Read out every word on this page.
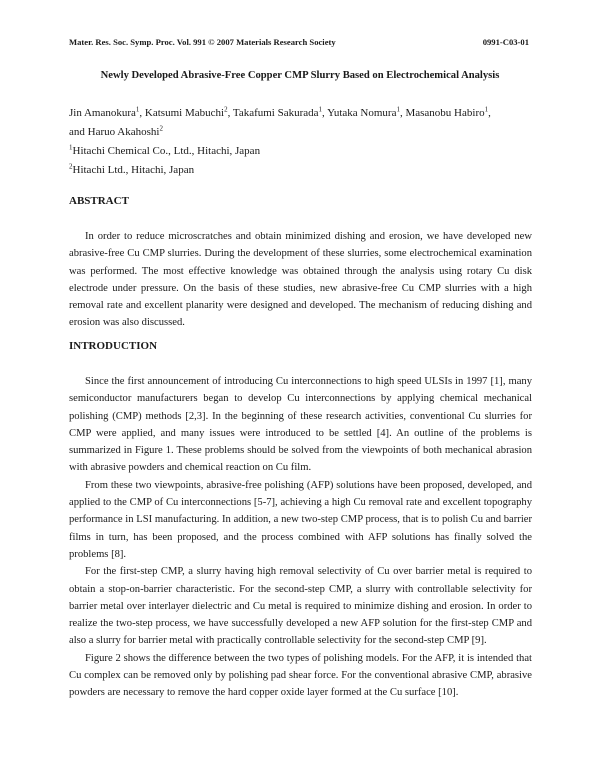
Mater. Res. Soc. Symp. Proc. Vol. 991 © 2007 Materials Research Society	0991-C03-01
Newly Developed Abrasive-Free Copper CMP Slurry Based on Electrochemical Analysis

Jin Amanokura$^1$, Katsumi Mabuchi$^2$, Takafumi Sakurada$^1$, Yutaka Nomura$^1$, Masanobu Habiro$^1$,

and Haruo Akahoshi$^2$

$^1$Hitachi Chemical Co., Ltd., Hitachi, Japan

$^2$Hitachi Ltd., Hitachi, Japan

ABSTRACT

In order to reduce microscratches and obtain minimized dishing and erosion, we have developed new abrasive-free Cu CMP slurries. During the development of these slurries, some electrochemical examination was performed. The most effective knowledge was obtained through the analysis using rotary Cu disk electrode under pressure. On the basis of these studies, new abrasive-free Cu CMP slurries with a high removal rate and excellent planarity were designed and developed. The mechanism of reducing dishing and erosion was also discussed.

INTRODUCTION

Since the first announcement of introducing Cu interconnections to high speed ULSIs in 1997 [1], many semiconductor manufacturers began to develop Cu interconnections by applying chemical mechanical polishing (CMP) methods [2,3]. In the beginning of these research activities, conventional Cu slurries for CMP were applied, and many issues were introduced to be settled [4]. An outline of the problems is summarized in Figure 1. These problems should be solved from the viewpoints of both mechanical abrasion with abrasive powders and chemical reaction on Cu film.

From these two viewpoints, abrasive-free polishing (AFP) solutions have been proposed, developed, and applied to the CMP of Cu interconnections [5-7], achieving a high Cu removal rate and excellent topography performance in LSI manufacturing. In addition, a new two-step CMP process, that is to polish Cu and barrier films in turn, has been proposed, and the process combined with AFP solutions has finally solved the problems [8].

For the first-step CMP, a slurry having high removal selectivity of Cu over barrier metal is required to obtain a stop-on-barrier characteristic. For the second-step CMP, a slurry with controllable selectivity for barrier metal over interlayer dielectric and Cu metal is required to minimize dishing and erosion. In order to realize the two-step process, we have successfully developed a new AFP solution for the first-step CMP and also a slurry for barrier metal with practically controllable selectivity for the second-step CMP [9].

Figure 2 shows the difference between the two types of polishing models. For the AFP, it is intended that Cu complex can be removed only by polishing pad shear force. For the conventional abrasive CMP, abrasive powders are necessary to remove the hard copper oxide layer formed at the Cu surface [10].
